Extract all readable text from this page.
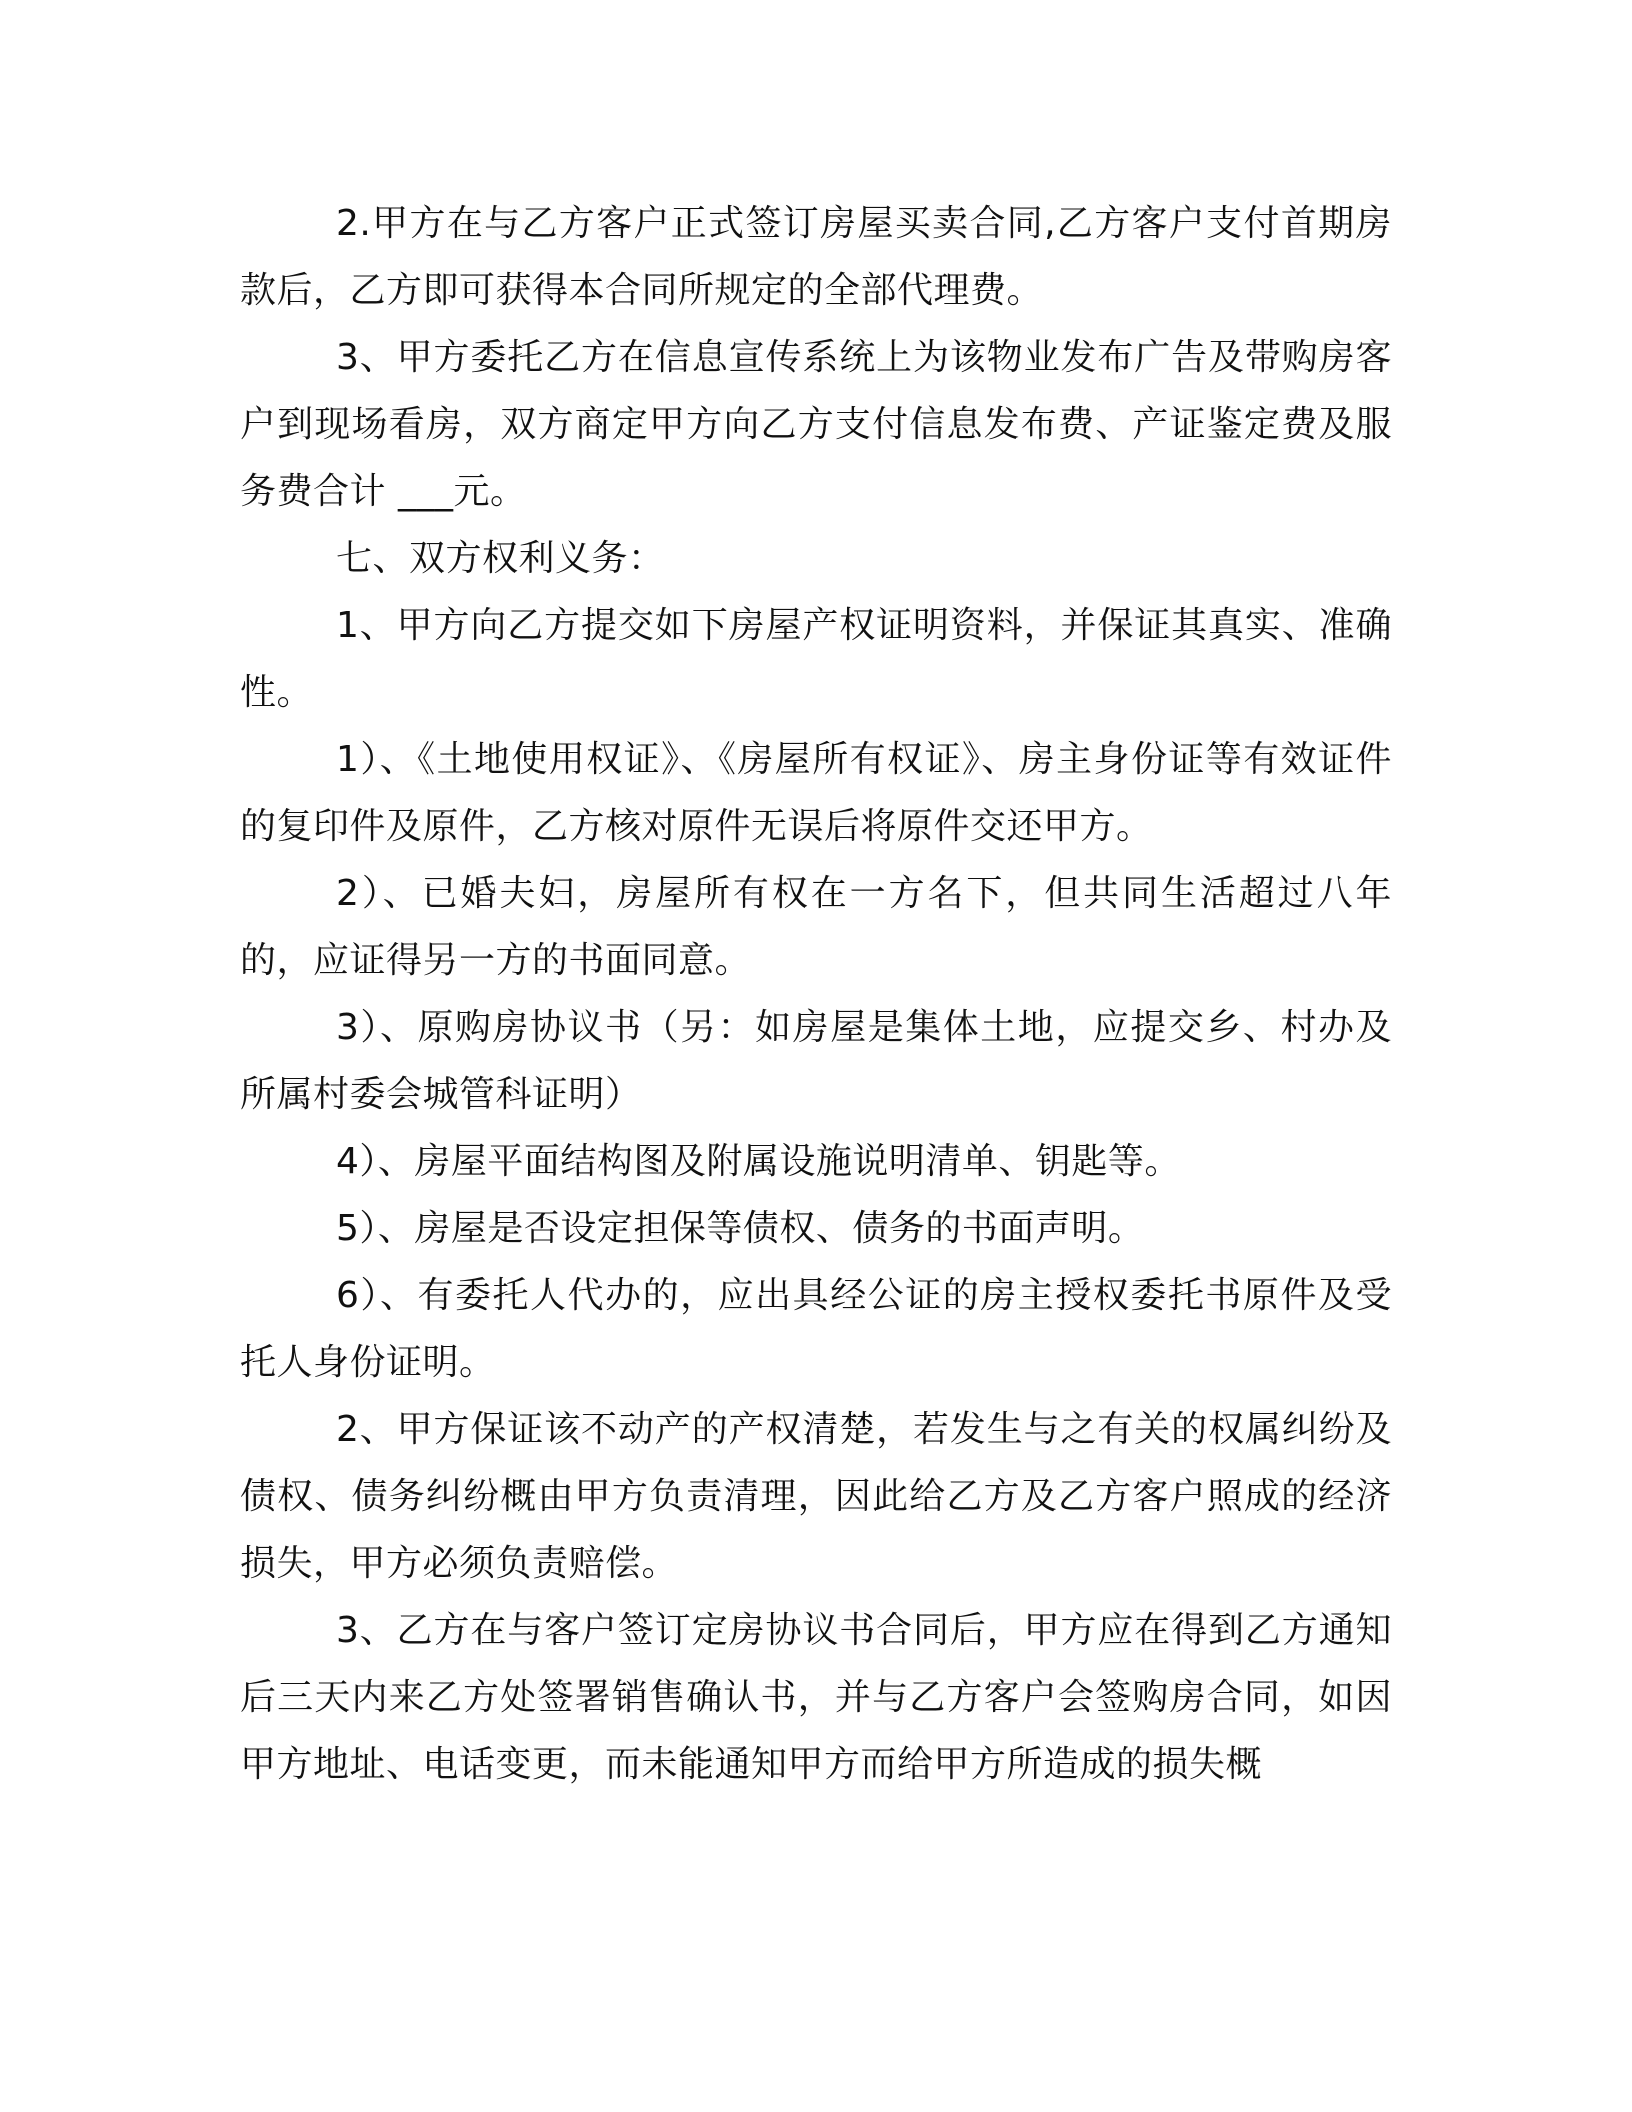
2.甲方在与乙方客户正式签订房屋买卖合同,乙方客户支付首期房款后，乙方即可获得本合同所规定的全部代理费。

3、甲方委托乙方在信息宣传系统上为该物业发布广告及带购房客户到现场看房，双方商定甲方向乙方支付信息发布费、产证鉴定费及服务费合计 ___元。

七、双方权利义务：

1、甲方向乙方提交如下房屋产权证明资料，并保证其真实、准确性。

1）、《土地使用权证》、《房屋所有权证》、房主身份证等有效证件的复印件及原件，乙方核对原件无误后将原件交还甲方。

2）、已婚夫妇，房屋所有权在一方名下，但共同生活超过八年的，应证得另一方的书面同意。

3）、原购房协议书（另：如房屋是集体土地，应提交乡、村办及所属村委会城管科证明）

4）、房屋平面结构图及附属设施说明清单、钥匙等。

5）、房屋是否设定担保等债权、债务的书面声明。

6）、有委托人代办的，应出具经公证的房主授权委托书原件及受托人身份证明。

2、甲方保证该不动产的产权清楚，若发生与之有关的权属纠纷及债权、债务纠纷概由甲方负责清理，因此给乙方及乙方客户照成的经济损失，甲方必须负责赔偿。

3、乙方在与客户签订定房协议书合同后，甲方应在得到乙方通知后三天内来乙方处签署销售确认书，并与乙方客户会签购房合同，如因甲方地址、电话变更，而未能通知甲方而给甲方所造成的损失概
